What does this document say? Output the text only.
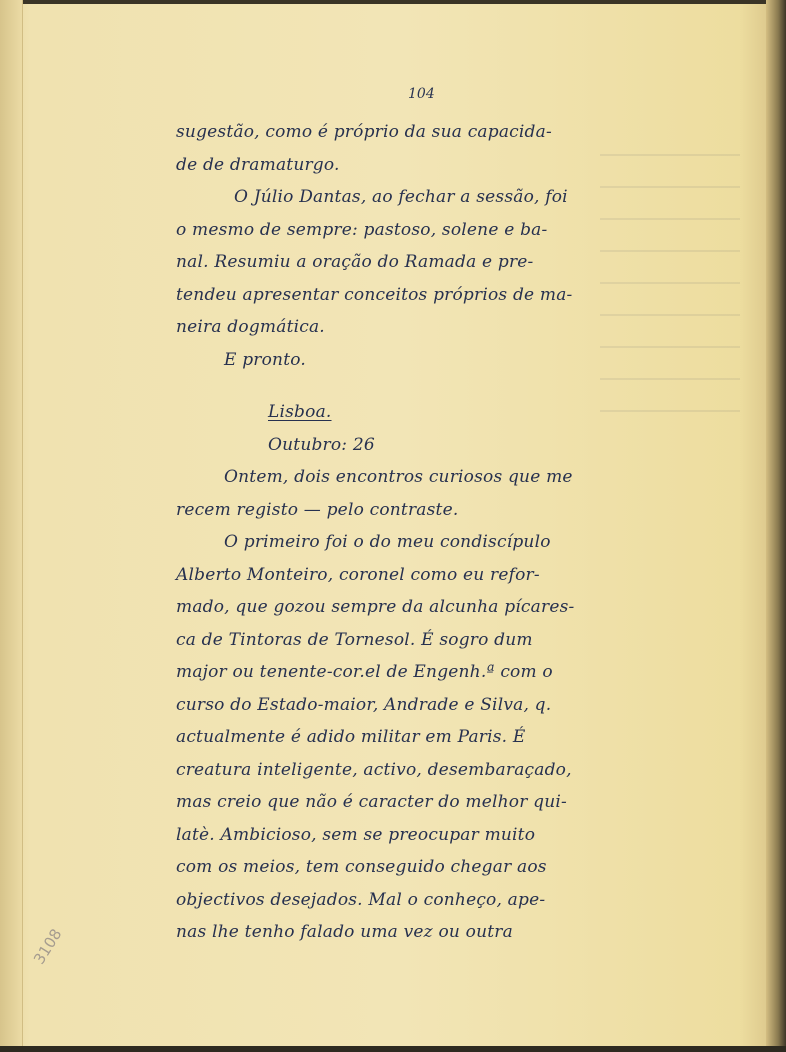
104
sugestão, como é próprio da sua capacida-
de de dramaturgo.
O Júlio Dantas, ao fechar a sessão, foi
o mesmo de sempre: pastoso, solene e ba-
nal. Resumiu a oração do Ramada e pre-
tendeu apresentar conceitos próprios de ma-
neira dogmática.
E pronto.
Lisboa.
Outubro: 26
Ontem, dois encontros curiosos que me
recem registo — pelo contraste.
O primeiro foi o do meu condiscípulo
Alberto Monteiro, coronel como eu refor-
mado, que gozou sempre da alcunha pícares-
ca de Tintoras de Tornesol. É sogro dum
major ou tenente-cor.el de Engenh.ª com o
curso do Estado-maior, Andrade e Silva, q.
actualmente é adido militar em Paris. É
creatura inteligente, activo, desembaraçado,
mas creio que não é caracter do melhor qui-
latè. Ambicioso, sem se preocupar muito
com os meios, tem conseguido chegar aos
objectivos desejados. Mal o conheço, ape-
nas lhe tenho falado uma vez ou outra
3108
